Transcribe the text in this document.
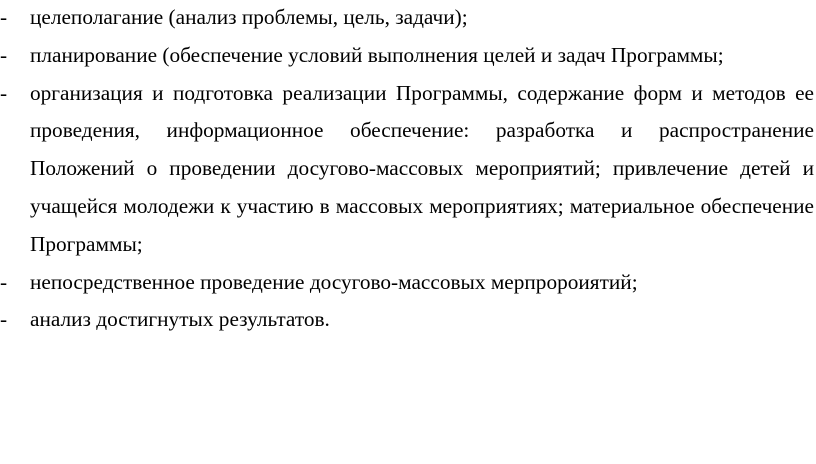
-	целеполагание (анализ проблемы, цель, задачи);
-	планирование (обеспечение условий выполнения целей и задач Программы;
-	организация и подготовка реализации Программы, содержание форм и методов ее проведения, информационное обеспечение: разработка и распространение Положений о проведении досугово-массовых мероприятий; привлечение детей и учащейся молодежи к участию в массовых мероприятиях; материальное обеспечение Программы;
-	непосредственное проведение досугово-массовых мерпророиятий;
-	анализ достигнутых результатов.
